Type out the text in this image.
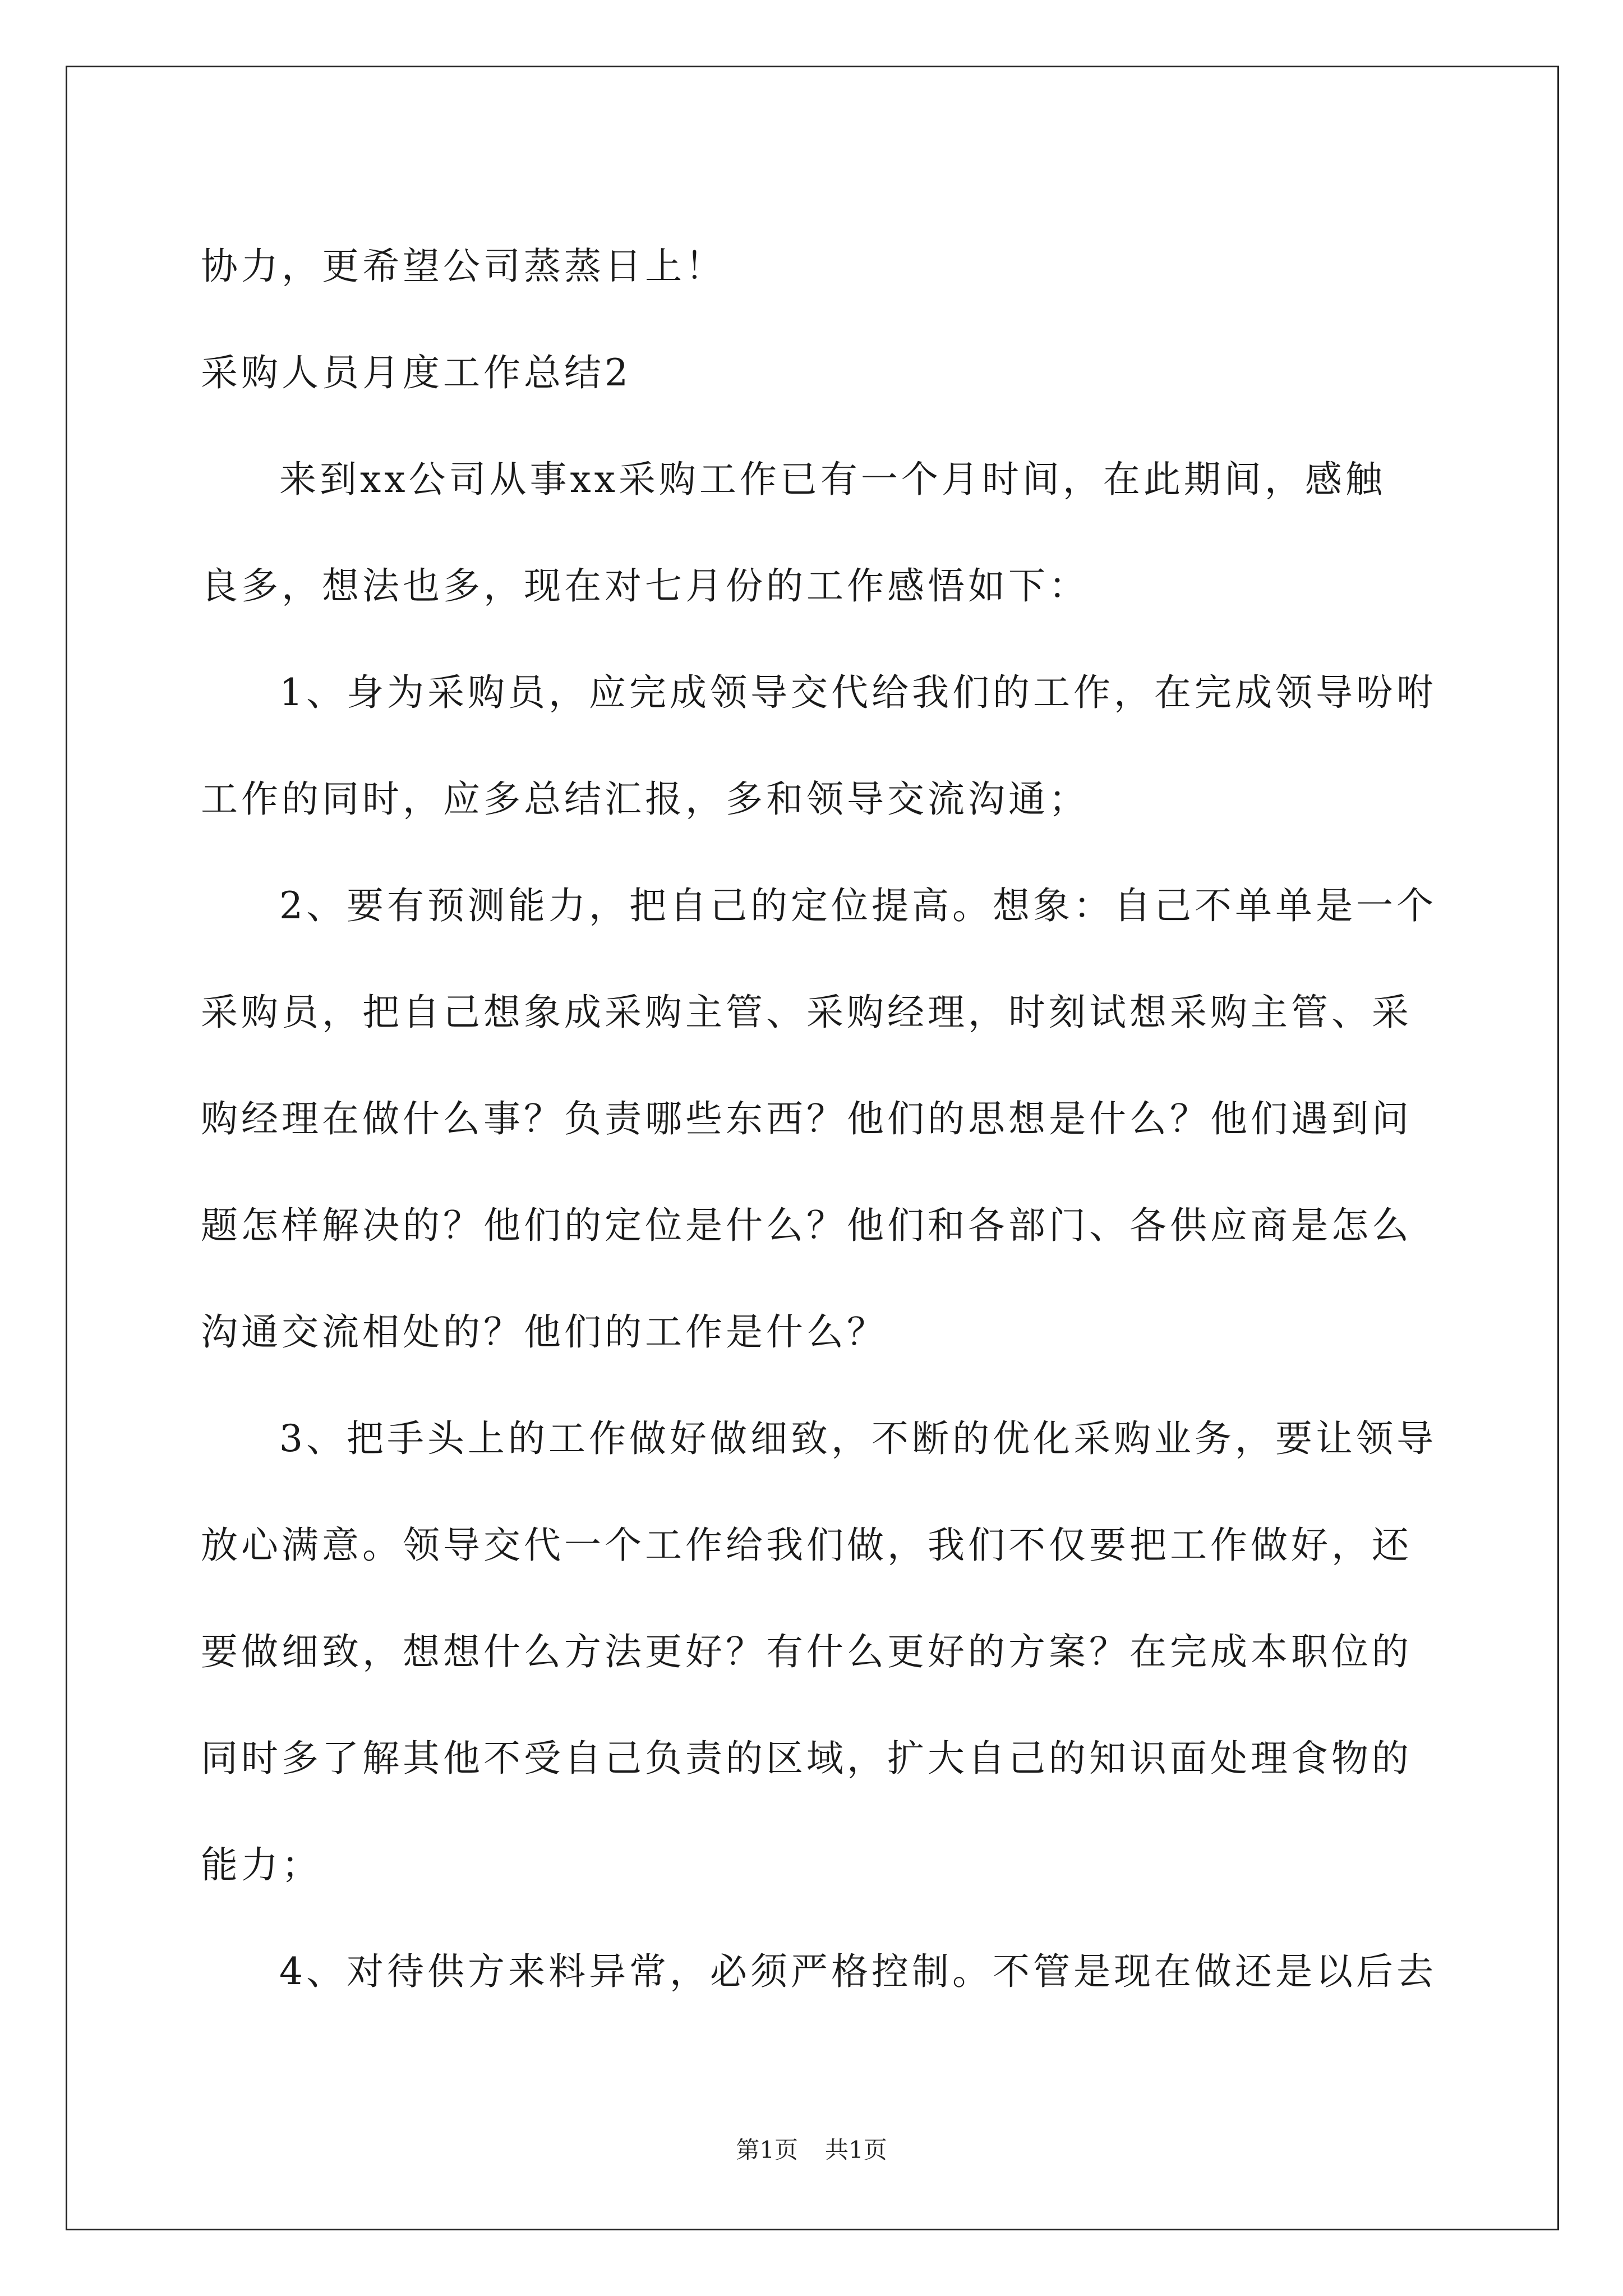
协力，更希望公司蒸蒸日上！
采购人员月度工作总结2
来到xx公司从事xx采购工作已有一个月时间，在此期间，感触
良多，想法也多，现在对七月份的工作感悟如下：
1、身为采购员，应完成领导交代给我们的工作，在完成领导吩咐
工作的同时，应多总结汇报，多和领导交流沟通；
2、要有预测能力，把自己的定位提高。想象：自己不单单是一个
采购员，把自己想象成采购主管、采购经理，时刻试想采购主管、采
购经理在做什么事？负责哪些东西？他们的思想是什么？他们遇到问
题怎样解决的？他们的定位是什么？他们和各部门、各供应商是怎么
沟通交流相处的？他们的工作是什么？
3、把手头上的工作做好做细致，不断的优化采购业务，要让领导
放心满意。领导交代一个工作给我们做，我们不仅要把工作做好，还
要做细致，想想什么方法更好？有什么更好的方案？在完成本职位的
同时多了解其他不受自己负责的区域，扩大自己的知识面处理食物的
能力；
4、对待供方来料异常，必须严格控制。不管是现在做还是以后去
第1页 共1页
